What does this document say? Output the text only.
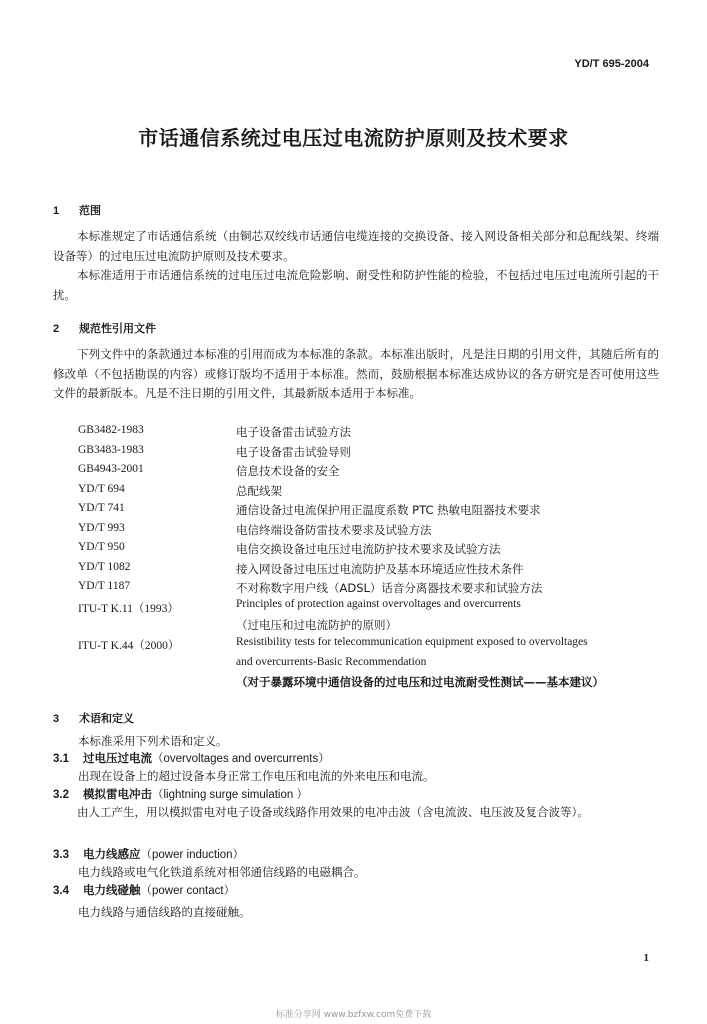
YD/T 695-2004
市话通信系统过电压过电流防护原则及技术要求
1 范围
本标准规定了市话通信系统（由铜芯双绞线市话通信电缆连接的交换设备、接入网设备相关部分和总配线架、终端设备等）的过电压过电流防护原则及技术要求。
本标准适用于市话通信系统的过电压过电流危险影响、耐受性和防护性能的检验，不包括过电压过电流所引起的干扰。
2 规范性引用文件
下列文件中的条款通过本标准的引用而成为本标准的条款。本标准出版时，凡是注日期的引用文件，其随后所有的修改单（不包括勘误的内容）或修订版均不适用于本标准。然而，鼓励根据本标准达成协议的各方研究是否可使用这些文件的最新版本。凡是不注日期的引用文件，其最新版本适用于本标准。
GB3482-1983	电子设备雷击试验方法
GB3483-1983	电子设备雷击试验导则
GB4943-2001	信息技术设备的安全
YD/T 694	总配线架
YD/T 741	通信设备过电流保护用正温度系数 PTC 热敏电阻器技术要求
YD/T 993	电信终端设备防雷技术要求及试验方法
YD/T 950	电信交换设备过电压过电流防护技术要求及试验方法
YD/T 1082	接入网设备过电压过电流防护及基本环境适应性技术条件
YD/T 1187	不对称数字用户线（ADSL）话音分离器技术要求和试验方法
ITU-T K.11（1993）	Principles of protection against overvoltages and overcurrents
（过电压和过电流防护的原则）
ITU-T K.44（2000）	Resistibility tests for telecommunication equipment exposed to overvoltages
and overcurrents-Basic Recommendation
（对于暴露环境中通信设备的过电压和过电流耐受性测试——基本建议）
3 术语和定义
本标准采用下列术语和定义。
3.1 过电压过电流（overvoltages and overcurrents）
出现在设备上的超过设备本身正常工作电压和电流的外来电压和电流。
3.2 模拟雷电冲击（lightning surge simulation ）
由人工产生，用以模拟雷电对电子设备或线路作用效果的电冲击波（含电流波、电压波及复合波等）。
3.3 电力线感应（power induction）
电力线路或电气化铁道系统对相邻通信线路的电磁耦合。
3.4 电力线碰触（power contact）
电力线路与通信线路的直接碰触。
1
标准分享网 www.bzfxw.com免费下载
